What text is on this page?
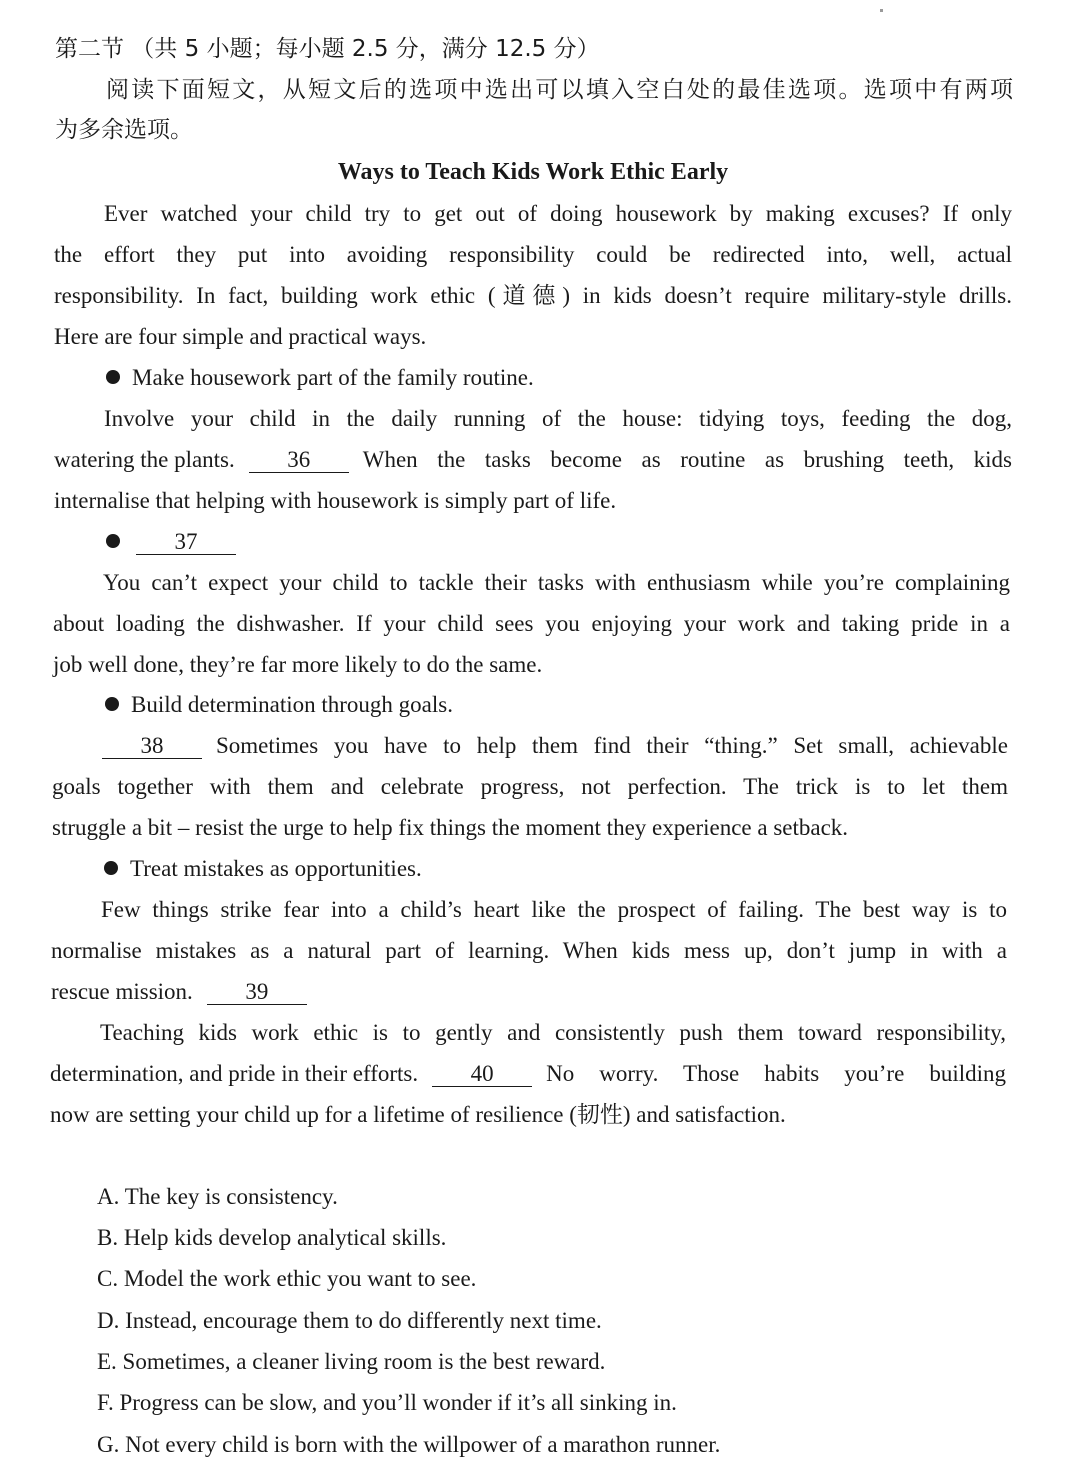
第二节 （共 5 小题；每小题 2.5 分，满分 12.5 分）
阅读下面短文，从短文后的选项中选出可以填入空白处的最佳选项。选项中有两项
为多余选项。
Ways to Teach Kids Work Ethic Early
Ever watched your child try to get out of doing housework by making excuses? If only
the effort they put into avoiding responsibility could be redirected into, well, actual
responsibility. In fact, building work ethic (道德) in kids doesn’t require military-style drills.
Here are four simple and practical ways.
Make housework part of the family routine.
Involve your child in the daily running of the house: tidying toys, feeding the dog,
watering the plants.	36	When the tasks become as routine as brushing teeth, kids
internalise that helping with housework is simply part of life.
37
You can’t expect your child to tackle their tasks with enthusiasm while you’re complaining
about loading the dishwasher. If your child sees you enjoying your work and taking pride in a
job well done, they’re far more likely to do the same.
Build determination through goals.
38	Sometimes you have to help them find their “thing.” Set small, achievable
goals together with them and celebrate progress, not perfection. The trick is to let them
struggle a bit – resist the urge to help fix things the moment they experience a setback.
Treat mistakes as opportunities.
Few things strike fear into a child’s heart like the prospect of failing. The best way is to
normalise mistakes as a natural part of learning. When kids mess up, don’t jump in with a
rescue mission. 39
Teaching kids work ethic is to gently and consistently push them toward responsibility,
determination, and pride in their efforts.	40	No worry. Those habits you’re building
now are setting your child up for a lifetime of resilience (韧性) and satisfaction.
A. The key is consistency.
B. Help kids develop analytical skills.
C. Model the work ethic you want to see.
D. Instead, encourage them to do differently next time.
E. Sometimes, a cleaner living room is the best reward.
F. Progress can be slow, and you’ll wonder if it’s all sinking in.
G. Not every child is born with the willpower of a marathon runner.
